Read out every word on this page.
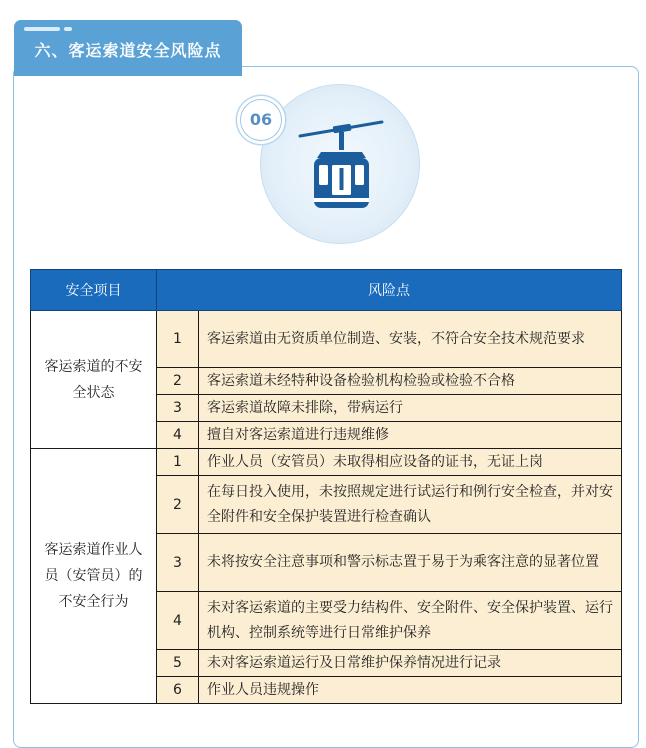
六、客运索道安全风险点
06
安全项目	风险点	
客运索道的不安全状态	1	客运索道由无资质单位制造、安装，不符合安全技术规范要求
	2	客运索道未经特种设备检验机构检验或检验不合格
	3	客运索道故障未排除，带病运行
	4	擅自对客运索道进行违规维修
客运索道作业人员（安管员）的不安全行为	1	作业人员（安管员）未取得相应设备的证书，无证上岗
	2	在每日投入使用，未按照规定进行试运行和例行安全检查，并对安全附件和安全保护装置进行检查确认
	3	未将按安全注意事项和警示标志置于易于为乘客注意的显著位置
	4	未对客运索道的主要受力结构件、安全附件、安全保护装置、运行机构、控制系统等进行日常维护保养
	5	未对客运索道运行及日常维护保养情况进行记录
	6	作业人员违规操作
